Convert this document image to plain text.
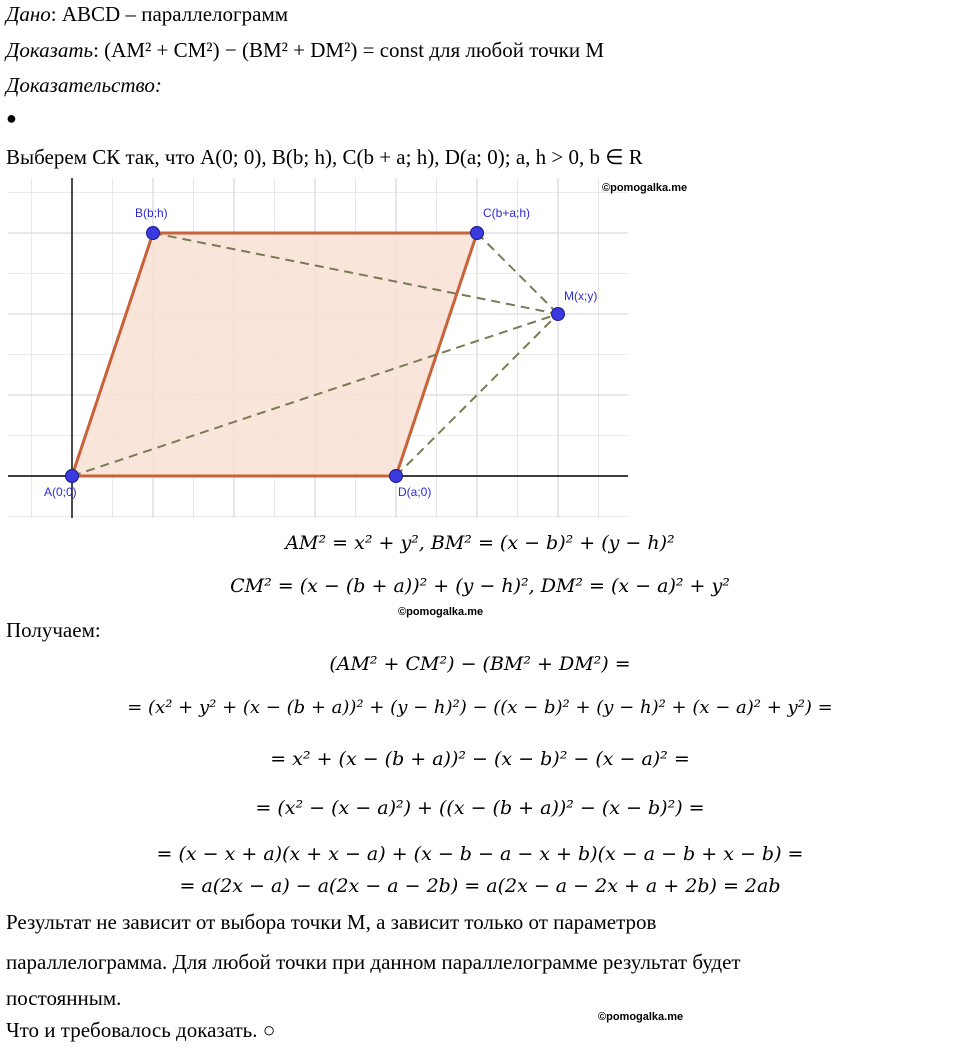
Дано: ABCD – параллелограмм
Доказать: (AM² + CM²) − (BM² + DM²) = const для любой точки M
Доказательство:
●
Выберем СК так, что A(0; 0), B(b; h), C(b + a; h), D(a; 0); a, h > 0, b ∈ R
A(0;0)
B(b;h)	C(b+a;h)
D(a;0)
M(x;y)
©pomogalka.me
AM² = x² + y², BM² = (x − b)² + (y − h)²
CM² = (x − (b + a))² + (y − h)², DM² = (x − a)² + y²
©pomogalka.me
Получаем:
(AM² + CM²) − (BM² + DM²) =
= (x² + y² + (x − (b + a))² + (y − h)²) − ((x − b)² + (y − h)² + (x − a)² + y²) =
= x² + (x − (b + a))² − (x − b)² − (x − a)² =
= (x² − (x − a)²) + ((x − (b + a))² − (x − b)²) =
= (x − x + a)(x + x − a) + (x − b − a − x + b)(x − a − b + x − b) =
= a(2x − a) − a(2x − a − 2b) = a(2x − a − 2x + a + 2b) = 2ab
Результат не зависит от выбора точки M, а зависит только от параметров
параллелограмма. Для любой точки при данном параллелограмме результат будет
постоянным.
Что и требовалось доказать. ○
©pomogalka.me
